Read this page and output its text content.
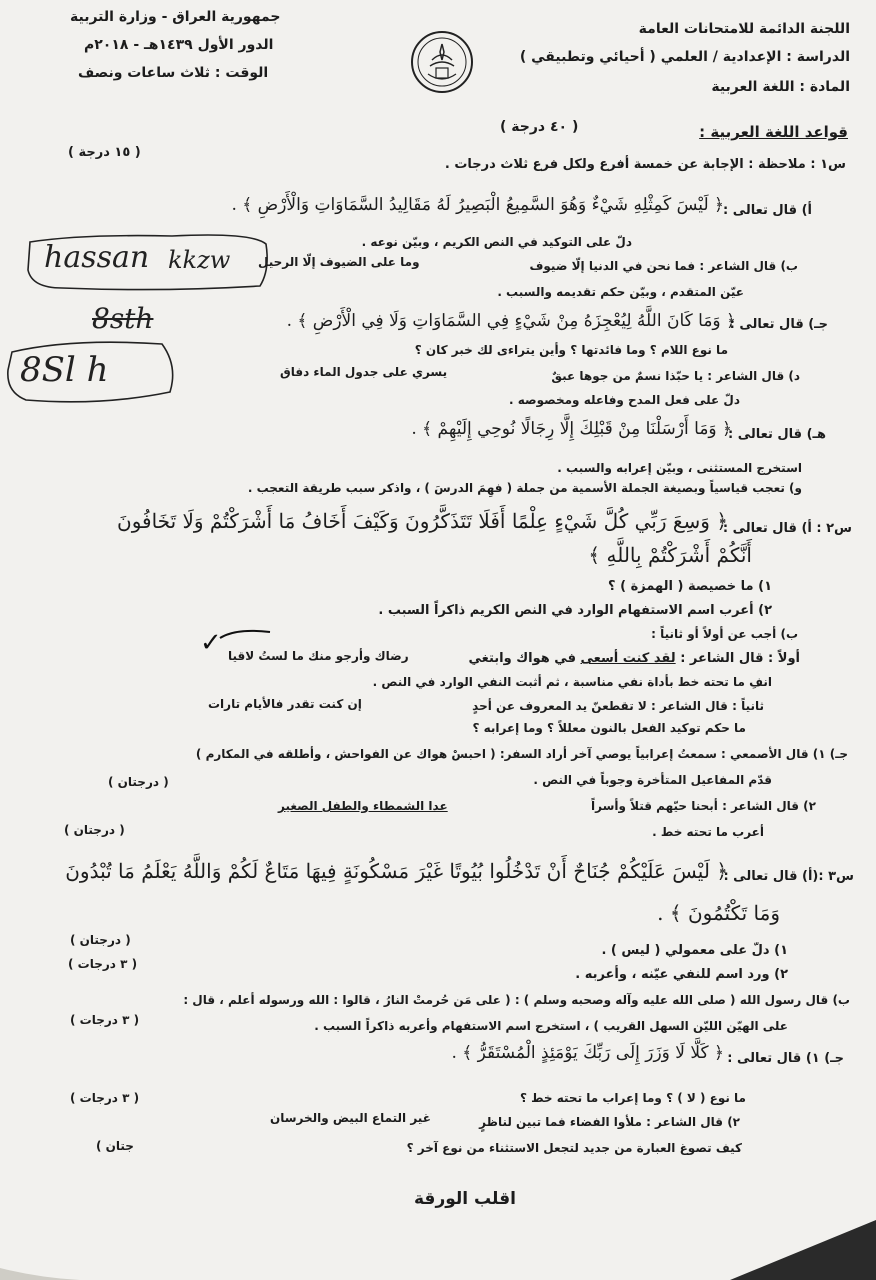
اللجنة الدائمة للامتحانات العامة
الدراسة : الإعدادية / العلمي ( أحيائي وتطبيقي )
المادة : اللغة العربية
جمهورية العراق - وزارة التربية
الدور الأول ١٤٣٩هـ - ٢٠١٨م
الوقت : ثلاث ساعات ونصف
قواعد اللغة العربية :
( ٤٠ درجة )
( ١٥ درجة )
س١ : ملاحظة : الإجابة عن خمسة أفرع ولكل فرع ثلاث درجات .
أ) قال تعالى :
﴿ لَيْسَ كَمِثْلِهِ شَيْءٌ وَهُوَ السَّمِيعُ الْبَصِيرُ لَهُ مَقَالِيدُ السَّمَاوَاتِ وَالْأَرْضِ ﴾ .
دلّ على التوكيد في النص الكريم ، وبيّن نوعه .
ب) قال الشاعر : فما نحن في الدنيا إلّا ضيوف
وما على الضيوف إلّا الرحيل
عيّن المتقدم ، وبيّن حكم تقديمه والسبب .
جـ) قال تعالى :
﴿ وَمَا كَانَ اللَّهُ لِيُعْجِزَهُ مِنْ شَيْءٍ فِي السَّمَاوَاتِ وَلَا فِي الْأَرْضِ ﴾ .
ما نوع اللام ؟ وما فائدتها ؟ وأين يتراءى لك خبر كان ؟
د) قال الشاعر : يا حبّذا نسمٌ من جوها عبقٌ
يسري على جدول الماء دفاق
دلّ على فعل المدح وفاعله ومخصوصه .
هـ) قال تعالى :
﴿ وَمَا أَرْسَلْنَا مِنْ قَبْلِكَ إِلَّا رِجَالًا نُوحِي إِلَيْهِمْ ﴾ .
استخرج المستثنى ، وبيّن إعرابه والسبب .
و) تعجب قياسياً وبصيغة الجملة الأسمية من جملة ( فهِمَ الدرسَ ) ، واذكر سبب طريقة التعجب .
س٢ : أ) قال تعالى :
﴿ وَسِعَ رَبِّي كُلَّ شَيْءٍ عِلْمًا أَفَلَا تَتَذَكَّرُونَ وَكَيْفَ أَخَافُ مَا أَشْرَكْتُمْ وَلَا تَخَافُونَ
أَنَّكُمْ أَشْرَكْتُمْ بِاللَّهِ ﴾
١) ما خصيصة ( الهمزة ) ؟
٢) أعرب اسم الاستفهام الوارد في النص الكريم ذاكراً السبب .
ب) أجب عن أولاً أو ثانياً :
أولاً : قال الشاعر : لقد كنت أسعى في هواك وابتغي
رضاك وأرجو منك ما لستُ لاقيا
انفِ ما تحته خط بأداة نفي مناسبة ، ثم أثبت النفي الوارد في النص .
ثانياً : قال الشاعر : لا تقطعنّ يد المعروف عن أحدٍ
إن كنت تقدر فالأيام تارات
ما حكم توكيد الفعل بالنون معللاً ؟ وما إعرابه ؟
جـ) ١) قال الأصمعي : سمعتُ إعرابياً يوصي آخر أراد السفر: ( احبسْ هواك عن الفواحش ، وأطلقه في المكارم )
قدّم المفاعيل المتأخرة وجوباً في النص .
( درجتان )
٢) قال الشاعر : أبحنا حيّهم قتلاً وأسراً
عدا الشمطاء والطفل الصغير
أعرب ما تحته خط .
( درجتان )
س٣ :(أ) قال تعالى :
﴿ لَيْسَ عَلَيْكُمْ جُنَاحٌ أَنْ تَدْخُلُوا بُيُوتًا غَيْرَ مَسْكُونَةٍ فِيهَا مَتَاعٌ لَكُمْ وَاللَّهُ يَعْلَمُ مَا تُبْدُونَ
وَمَا تَكْتُمُونَ ﴾ .
١) دلّ على معمولي ( ليس ) .
( درجتان )
٢) ورد اسم للنفي عيّنه ، وأعربه .
( ٣ درجات )
ب) قال رسول الله ( صلى الله عليه وآله وصحبه وسلم ) : ( على مَن حُرمتْ النارُ ، قالوا : الله ورسوله أعلم ، قال :
على الهيّن الليّن السهل القريب ) ، استخرج اسم الاستفهام وأعربه ذاكراً السبب .
( ٣ درجات )
جـ) ١) قال تعالى :
﴿ كَلَّا لَا وَزَرَ إِلَى رَبِّكَ يَوْمَئِذٍ الْمُسْتَقَرُّ ﴾ .
ما نوع ( لا ) ؟ وما إعراب ما تحته خط ؟
( ٣ درجات )
٢) قال الشاعر : ملأوا الفضاء فما تبين لناظرٍ
غير التماع البيض والخرسان
كيف تصوغ العبارة من جديد لتجعل الاستثناء من نوع آخر ؟
جتان )
اقلب الورقة
hassan kkzw
8sth
8Sl h
✓
